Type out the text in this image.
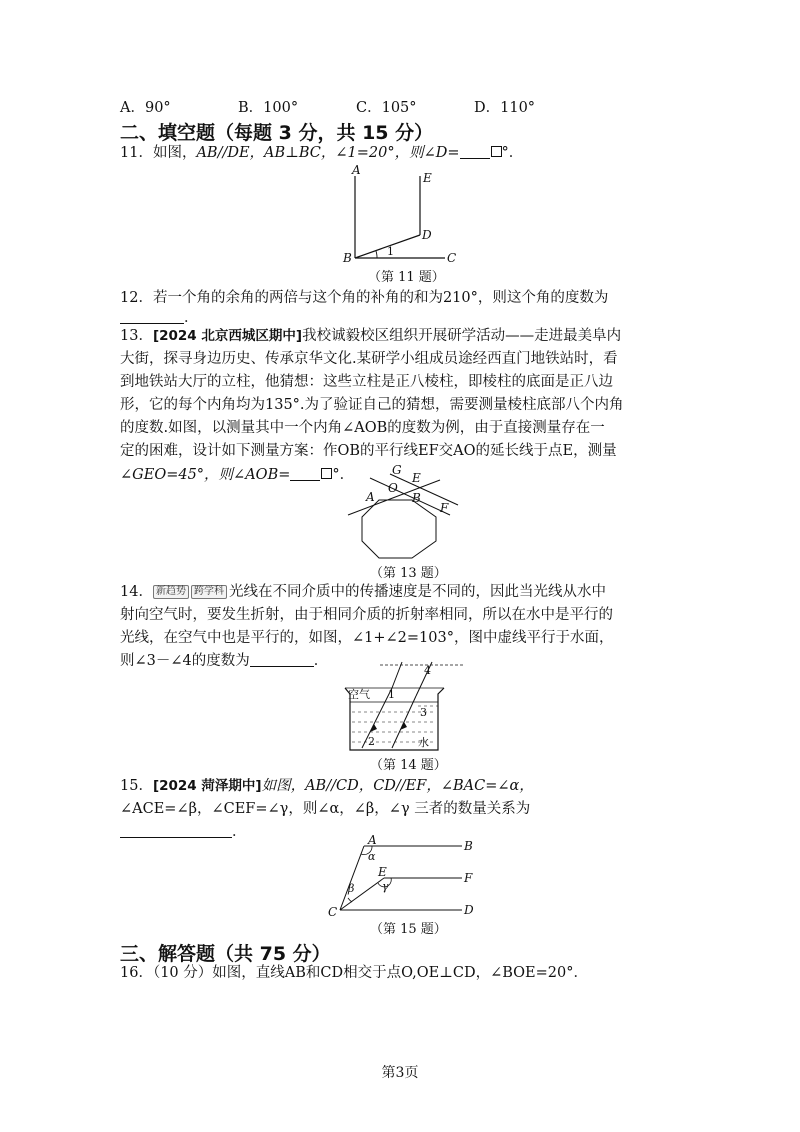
A．90°	B．100°	C．105°	D．110°
二、填空题（每题 3 分，共 15 分）
11．如图，AB//DE，AB⊥BC，∠1=20°，则∠D=	°．
A
E
D
B	C
1
（第 11 题）
12．若一个角的余角的两倍与这个角的补角的和为210°，则这个角的度数为
．
13．[2024 北京西城区期中]我校诚毅校区组织开展研学活动——走进最美阜内
大街，探寻身边历史、传承京华文化.某研学小组成员途经西直门地铁站时，看
到地铁站大厅的立柱，他猜想：这些立柱是正八棱柱，即棱柱的底面是正八边
形，它的每个内角均为135°.为了验证自己的猜想，需要测量棱柱底部八个内角
的度数.如图，以测量其中一个内角∠AOB的度数为例，由于直接测量存在一
定的困难，设计如下测量方案：作OB的平行线EF交AO的延长线于点E，测量
∠GEO=45°，则∠AOB=	°．	G
E
A
O
B
F
（第 13 题）
14． 新趋势 跨学科 光线在不同介质中的传播速度是不同的，因此当光线从水中
射向空气时，要发生折射，由于相同介质的折射率相同，所以在水中是平行的
光线，在空气中也是平行的，如图，∠1+∠2=103°，图中虚线平行于水面，
则∠3－∠4的度数为	．
空气
水
1
2
3
4
（第 14 题）
15．[2024 菏泽期中]如图，AB//CD，CD//EF，∠BAC=∠α，
∠ACE=∠β，∠CEF=∠γ，则∠α，∠β，∠γ 三者的数量关系为
．	A	B
E	F
C	D
α
β	γ
（第 15 题）
三、解答题（共 75 分）
16．（10 分）如图，直线AB和CD相交于点O,OE⊥CD，∠BOE=20°．
第3页
